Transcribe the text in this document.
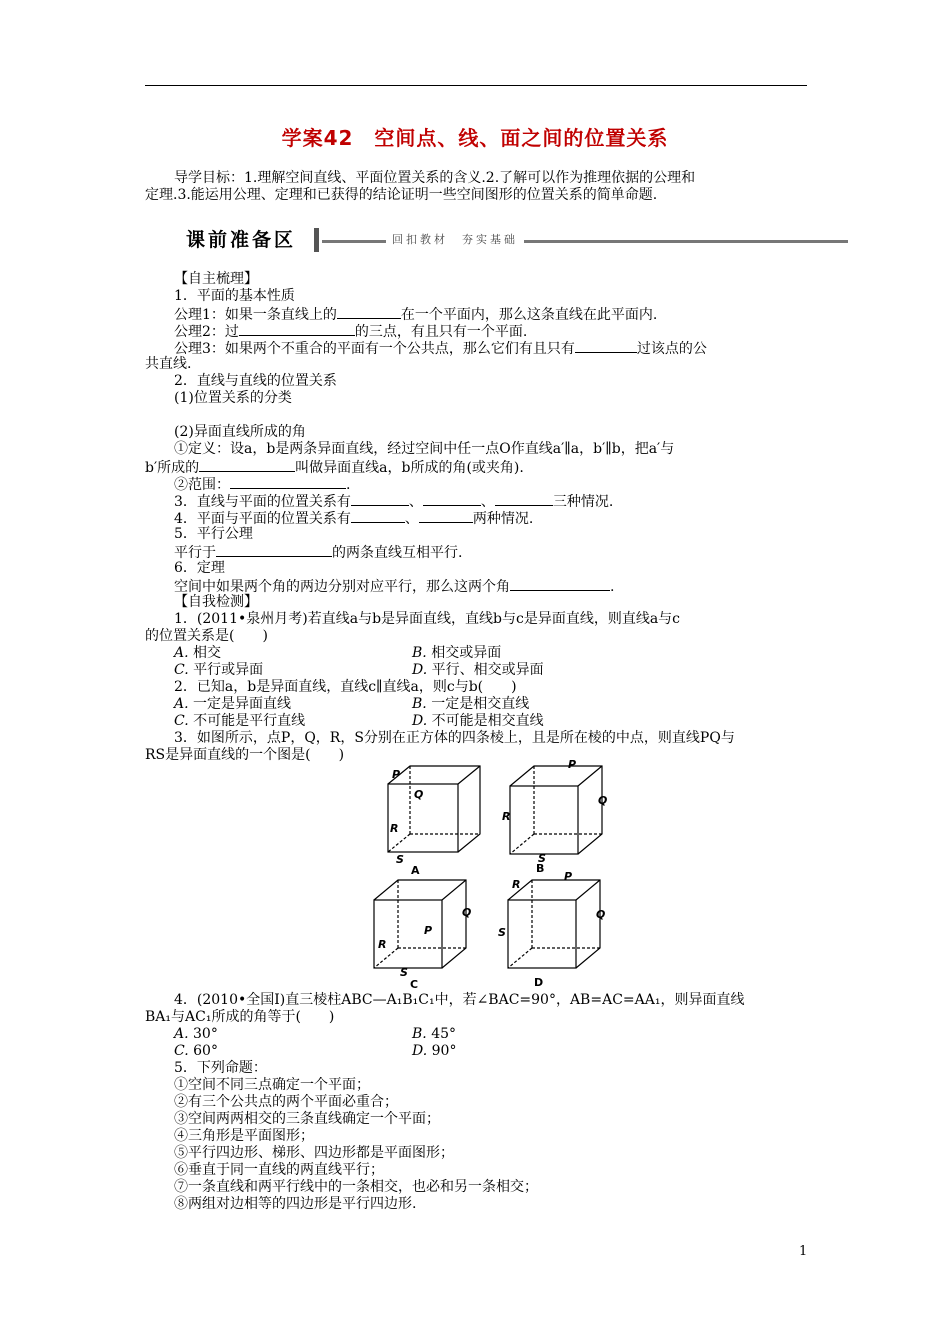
学案42　空间点、线、面之间的位置关系
导学目标：1.理解空间直线、平面位置关系的含义.2.了解可以作为推理依据的公理和
定理.3.能运用公理、定理和已获得的结论证明一些空间图形的位置关系的简单命题.
课前准备区	回扣教材　夯实基础
【自主梳理】
1．平面的基本性质
公理1：如果一条直线上的	在一个平面内，那么这条直线在此平面内.
公理2：过	的三点，有且只有一个平面.
公理3：如果两个不重合的平面有一个公共点，那么它们有且只有	过该点的公
共直线.
2．直线与直线的位置关系
(1)位置关系的分类
(2)异面直线所成的角
①定义：设a，b是两条异面直线，经过空间中任一点O作直线a′∥a，b′∥b，把a′与
b′所成的	叫做异面直线a，b所成的角(或夹角).
②范围：	.
3．直线与平面的位置关系有	、	、	三种情况.
4．平面与平面的位置关系有	、	两种情况.
5．平行公理
平行于	的两条直线互相平行.
6．定理
空间中如果两个角的两边分别对应平行，那么这两个角	.
【自我检测】
1．(2011•泉州月考)若直线a与b是异面直线，直线b与c是异面直线，则直线a与c
的位置关系是(　　)
A. 相交	B. 相交或异面
C. 平行或异面	D. 平行、相交或异面
2．已知a，b是异面直线，直线c∥直线a，则c与b(　　)
A. 一定是异面直线	B. 一定是相交直线
C. 不可能是平行直线	D. 不可能是相交直线
3．如图所示，点P，Q，R，S分别在正方体的四条棱上，且是所在棱的中点，则直线PQ与
RS是异面直线的一个图是(　　)
P
Q
R
S
A
P
Q
R
S
B
Q
P
R
S
C
R
P
Q
S
D
4．(2010•全国Ⅰ)直三棱柱ABC—A₁B₁C₁中，若∠BAC=90°，AB=AC=AA₁，则异面直线
BA₁与AC₁所成的角等于(　　)
A. 30°	B. 45°
C. 60°	D. 90°
5．下列命题：
①空间不同三点确定一个平面；
②有三个公共点的两个平面必重合；
③空间两两相交的三条直线确定一个平面；
④三角形是平面图形；
⑤平行四边形、梯形、四边形都是平面图形；
⑥垂直于同一直线的两直线平行；
⑦一条直线和两平行线中的一条相交，也必和另一条相交；
⑧两组对边相等的四边形是平行四边形.
1
